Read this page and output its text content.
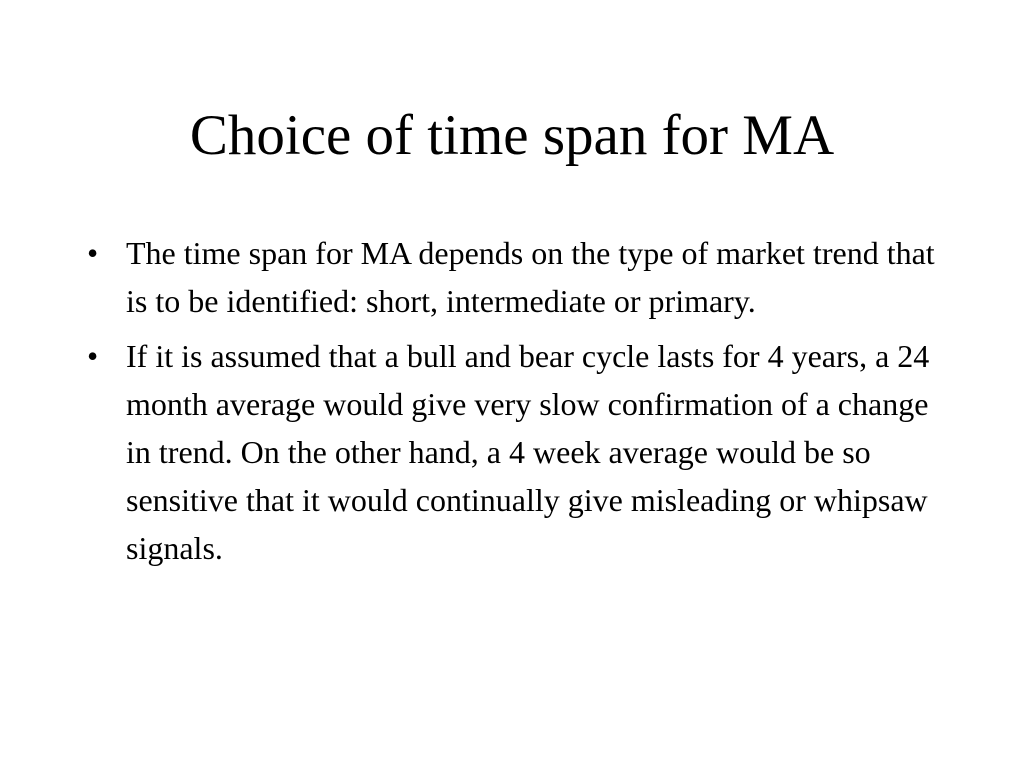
Choice of time span for MA
• The time span for MA depends on the type of market trend that is to be identified: short, intermediate or primary.
• If it is assumed that a bull and bear cycle lasts for 4 years, a 24 month average would give very slow confirmation of a change in trend. On the other hand, a 4 week average would be so sensitive that it would continually give misleading or whipsaw signals.
